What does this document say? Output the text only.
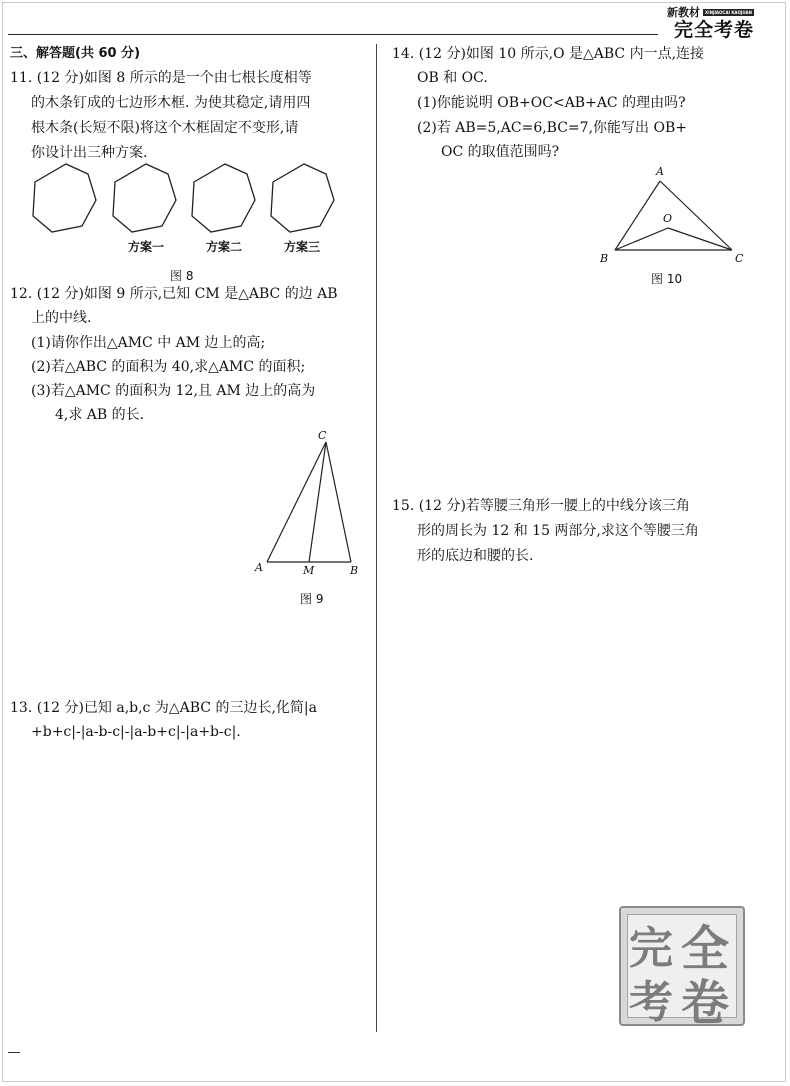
新教材	XINJIAOCAI KAOJUAN
完全考卷
三、解答题(共 60 分)
11. (12 分)如图 8 所示的是一个由七根长度相等
的木条钉成的七边形木框. 为使其稳定,请用四
根木条(长短不限)将这个木框固定不变形,请
你设计出三种方案.
方案一	方案二	方案三
图 8
12. (12 分)如图 9 所示,已知 CM 是△ABC 的边 AB
上的中线.
(1)请你作出△AMC 中 AM 边上的高;
(2)若△ABC 的面积为 40,求△AMC 的面积;
(3)若△AMC 的面积为 12,且 AM 边上的高为
4,求 AB 的长.
C
A	M	B
图 9
13. (12 分)已知 a,b,c 为△ABC 的三边长,化简|a
+b+c|-|a-b-c|-|a-b+c|-|a+b-c|.
14. (12 分)如图 10 所示,O 是△ABC 内一点,连接
OB 和 OC.
(1)你能说明 OB+OC<AB+AC 的理由吗?
(2)若 AB=5,AC=6,BC=7,你能写出 OB+
OC 的取值范围吗?
A
O
B	C
图 10
15. (12 分)若等腰三角形一腰上的中线分该三角
形的周长为 12 和 15 两部分,求这个等腰三角
形的底边和腰的长.
完 全
考 卷
